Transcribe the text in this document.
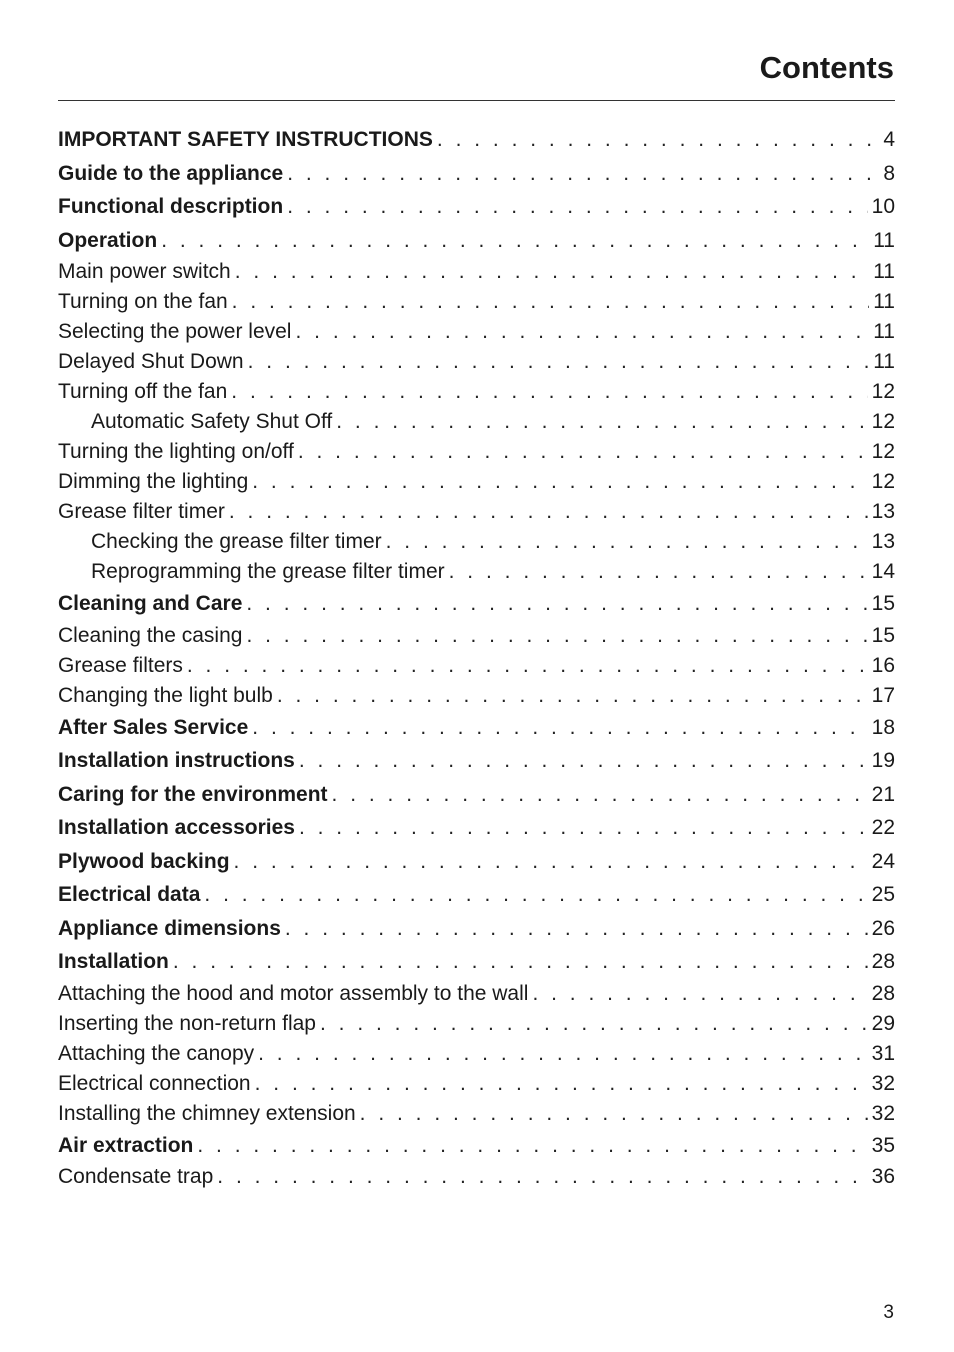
Contents
IMPORTANT SAFETY INSTRUCTIONS . . .	4
Guide to the appliance . . .	8
Functional description . . .	10
Operation . . .	11
Main power switch . . .	11
Turning on the fan . . .	11
Selecting the power level . . .	11
Delayed Shut Down . . .	11
Turning off the fan . . .	12
Automatic Safety Shut Off . . .	12
Turning the lighting on/off . . .	12
Dimming the lighting . . .	12
Grease filter timer . . .	13
Checking the grease filter timer . . .	13
Reprogramming the grease filter timer . . .	14
Cleaning and Care . . .	15
Cleaning the casing . . .	15
Grease filters . . .	16
Changing the light bulb . . .	17
After Sales Service . . .	18
Installation instructions . . .	19
Caring for the environment . . .	21
Installation accessories . . .	22
Plywood backing . . .	24
Electrical data . . .	25
Appliance dimensions . . .	26
Installation . . .	28
Attaching the hood and motor assembly to the wall . . .	28
Inserting the non-return flap . . .	29
Attaching the canopy . . .	31
Electrical connection . . .	32
Installing the chimney extension . . .	32
Air extraction . . .	35
Condensate trap . . .	36
3
